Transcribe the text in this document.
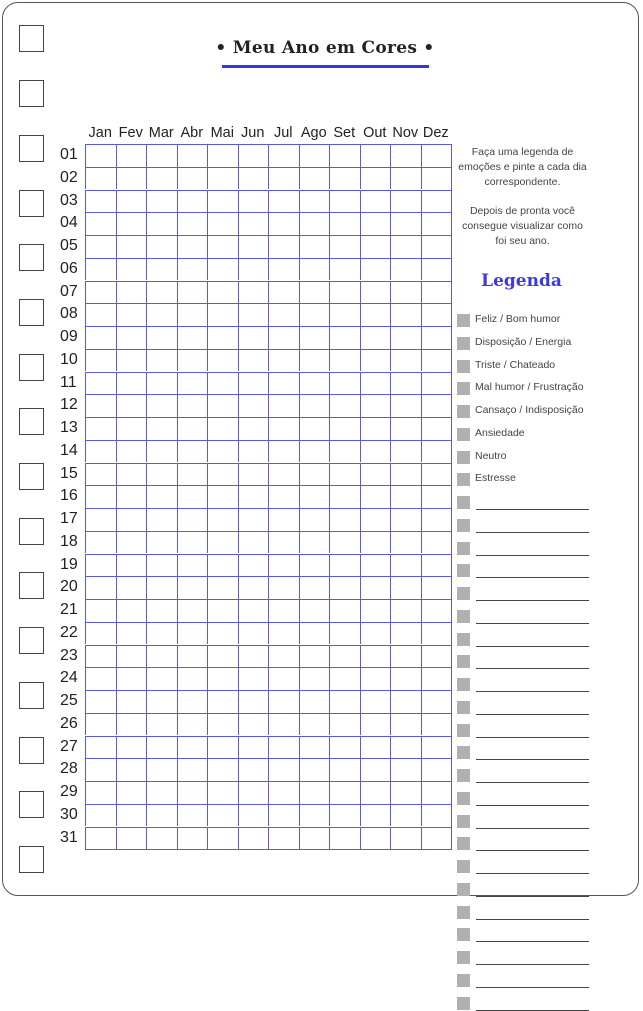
• Meu Ano em Cores •
Jan Fev Mar Abr Mai Jun Jul Ago Set Out Nov Dez
01
02
03
04
05
06
07
08
09
10
11
12
13
14
15
16
17
18
19
20
21
22
23
24
25
26
27
28
29
30
31
Faça uma legenda de
emoções e pinte a cada dia
correspondente.
Depois de pronta você
consegue visualizar como
foi seu ano.
Legenda
Feliz / Bom humor
Disposição / Energia
Triste / Chateado
Mal humor / Frustração
Cansaço / Indisposição
Ansiedade
Neutro
Estresse
